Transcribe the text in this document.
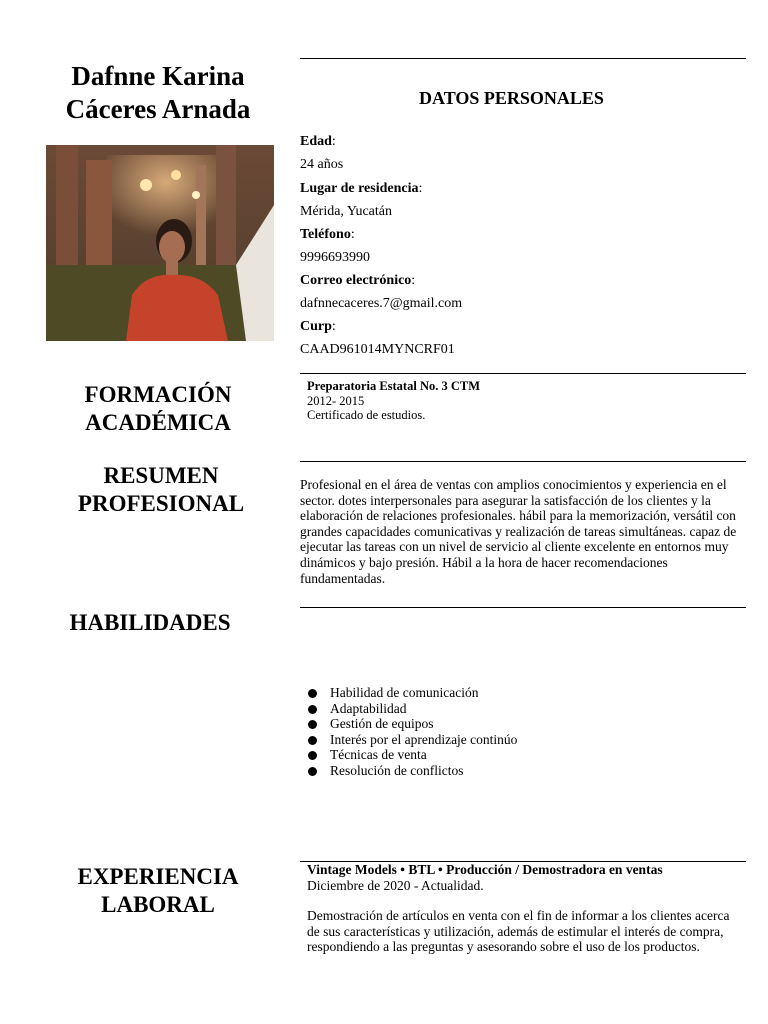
Dafnne Karina
Cáceres Arnada	DATOS PERSONALES
Edad:
24 años
Lugar de residencia:
Mérida, Yucatán
Teléfono:
9996693990
Correo electrónico:
dafnnecaceres.7@gmail.com
Curp:
CAAD961014MYNCRF01
FORMACIÓN
ACADÉMICA
Preparatoria Estatal No. 3 CTM
2012- 2015
Certificado de estudios.
RESUMEN
PROFESIONAL
Profesional en el área de ventas con amplios conocimientos y experiencia en el sector. dotes interpersonales para asegurar la satisfacción de los clientes y la elaboración de relaciones profesionales. hábil para la memorización, versátil con grandes capacidades comunicativas y realización de tareas simultáneas. capaz de ejecutar las tareas con un nivel de servicio al cliente excelente en entornos muy dinámicos y bajo presión. Hábil a la hora de hacer recomendaciones fundamentadas.
HABILIDADES
Habilidad de comunicación
Adaptabilidad
Gestión de equipos
Interés por el aprendizaje continúo
Técnicas de venta
Resolución de conflictos
EXPERIENCIA
LABORAL
Vintage Models • BTL • Producción / Demostradora en ventas
Diciembre de 2020 - Actualidad.
Demostración de artículos en venta con el fin de informar a los clientes acerca de sus características y utilización, además de estimular el interés de compra, respondiendo a las preguntas y asesorando sobre el uso de los productos.
